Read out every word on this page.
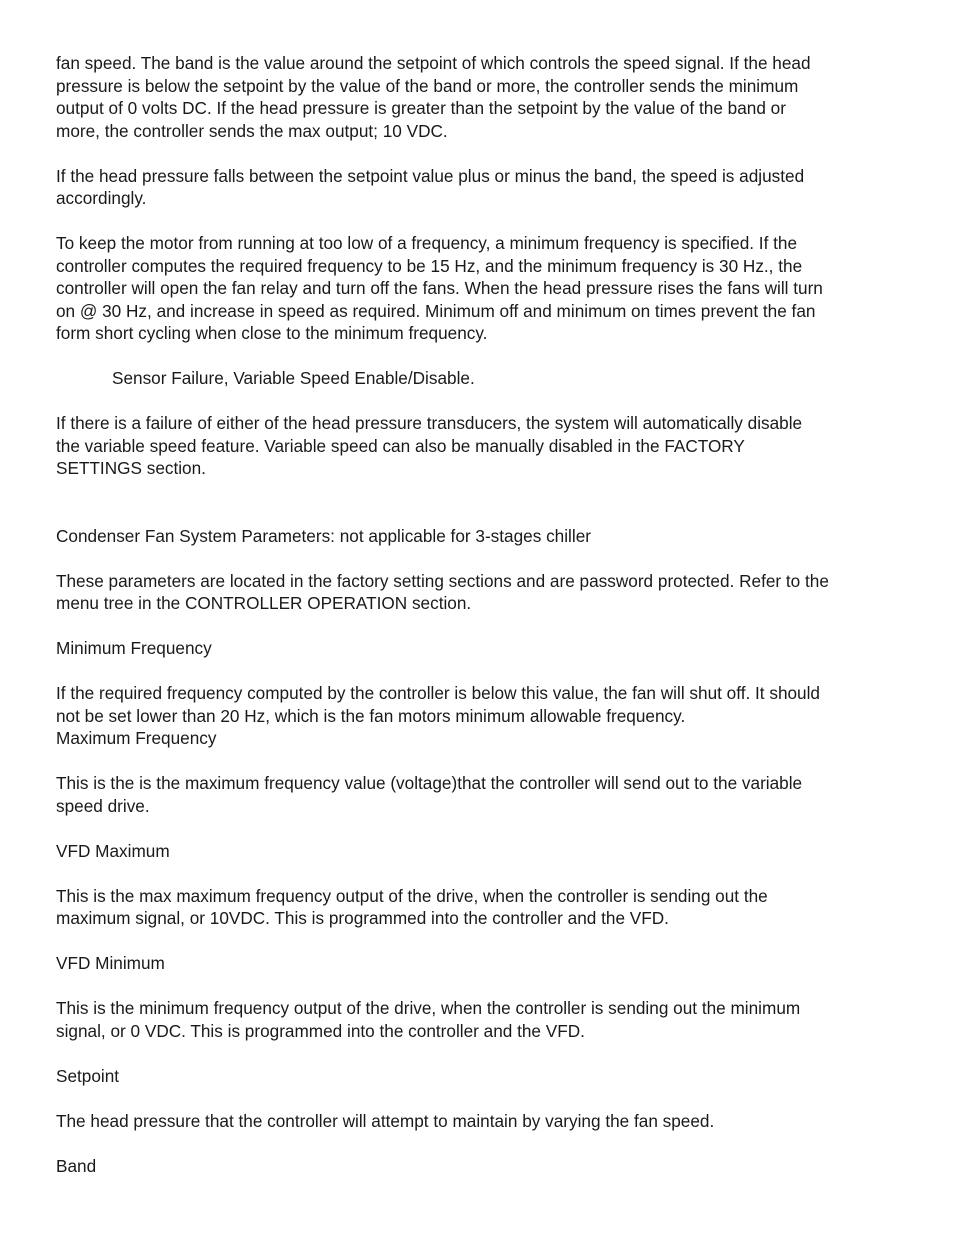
fan speed. The band is the value around the setpoint of which controls the speed signal. If the head
pressure is below the setpoint by the value of the band or more, the controller sends the minimum
output of 0 volts DC. If the head pressure is greater than the setpoint by the value of the band or
more, the controller sends the max output; 10 VDC.

If the head pressure falls between the setpoint value plus or minus the band, the speed is adjusted
accordingly.

To keep the motor from running at too low of a frequency, a minimum frequency is specified. If the
controller computes the required frequency to be 15 Hz, and the minimum frequency is 30 Hz., the
controller will open the fan relay and turn off the fans. When the head pressure rises the fans will turn
on @ 30 Hz, and increase in speed as required. Minimum off and minimum on times prevent the fan
form short cycling when close to the minimum frequency.

Sensor Failure, Variable Speed Enable/Disable.

If there is a failure of either of the head pressure transducers, the system will automatically disable
the variable speed feature. Variable speed can also be manually disabled in the FACTORY
SETTINGS section.

Condenser Fan System Parameters: not applicable for 3-stages chiller

These parameters are located in the factory setting sections and are password protected. Refer to the
menu tree in the CONTROLLER OPERATION section.

Minimum Frequency

If the required frequency computed by the controller is below this value, the fan will shut off. It should
not be set lower than 20 Hz, which is the fan motors minimum allowable frequency.

Maximum Frequency

This is the is the maximum frequency value (voltage)that the controller will send out to the variable
speed drive.

VFD Maximum

This is the max maximum frequency output of the drive, when the controller is sending out the
maximum signal, or 10VDC. This is programmed into the controller and the VFD.

VFD Minimum

This is the minimum frequency output of the drive, when the controller is sending out the minimum
signal, or 0 VDC. This is programmed into the controller and the VFD.

Setpoint

The head pressure that the controller will attempt to maintain by varying the fan speed.

Band
